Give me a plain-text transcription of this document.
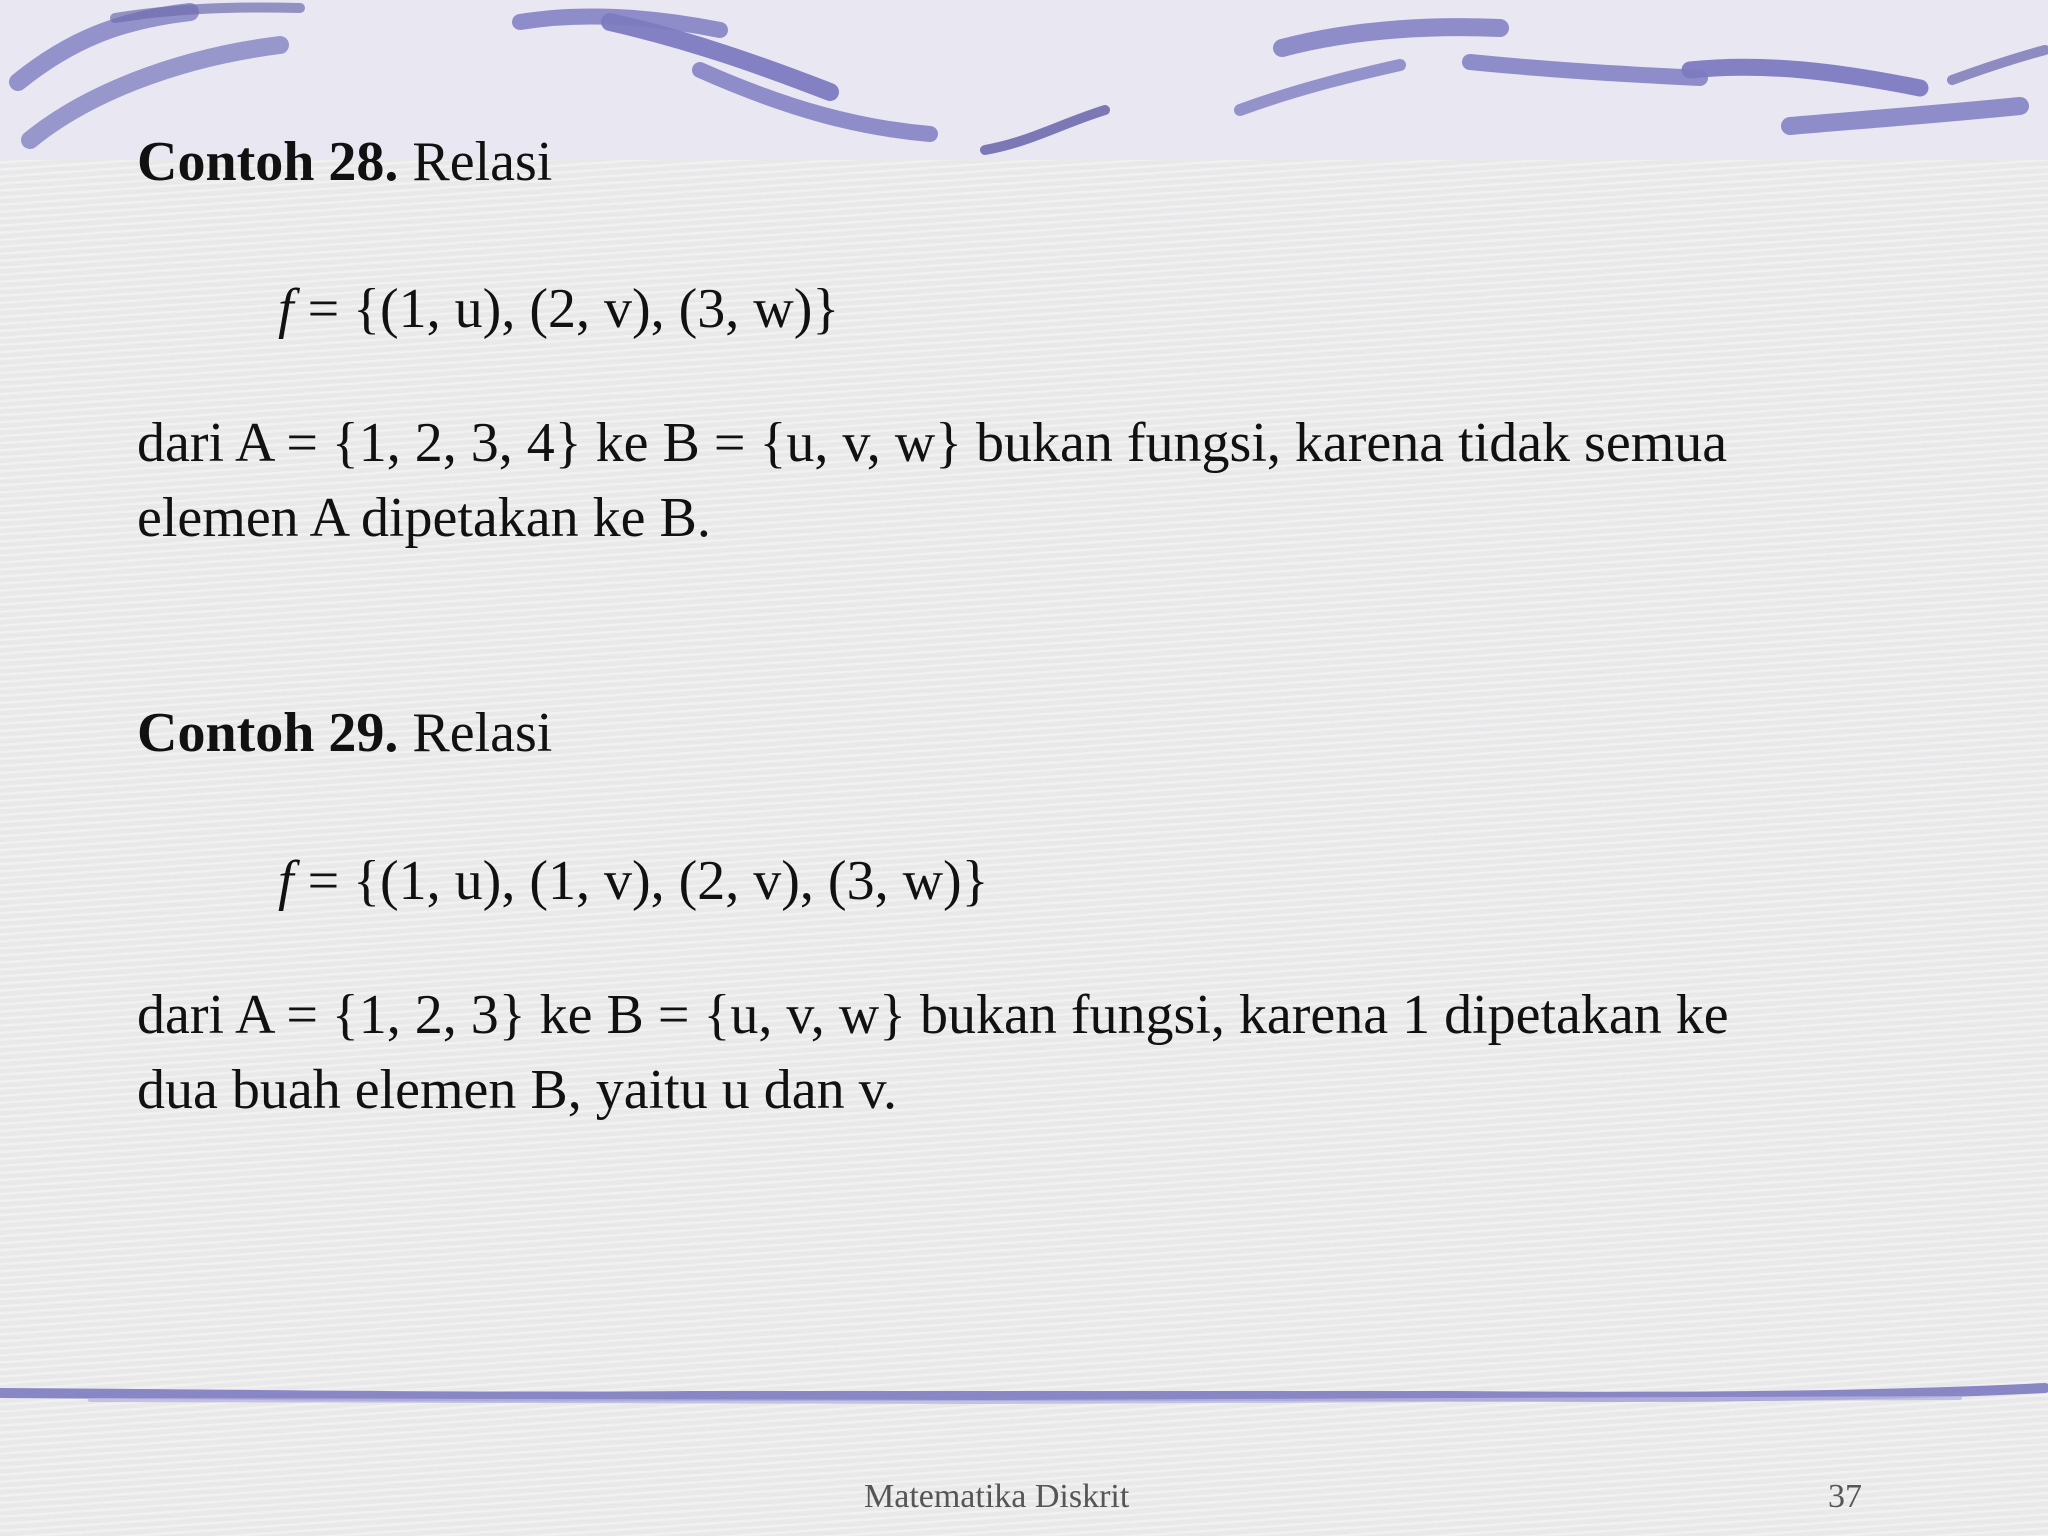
Contoh 28. Relasi
f = {(1, u), (2, v), (3, w)}
dari A = {1, 2, 3, 4} ke B = {u, v, w} bukan fungsi, karena tidak semua
elemen A dipetakan ke B.
Contoh 29. Relasi
f = {(1, u), (1, v), (2, v), (3, w)}
dari A = {1, 2, 3} ke B = {u, v, w} bukan fungsi, karena 1 dipetakan ke
dua buah elemen B, yaitu u dan v.
Matematika Diskrit	37
